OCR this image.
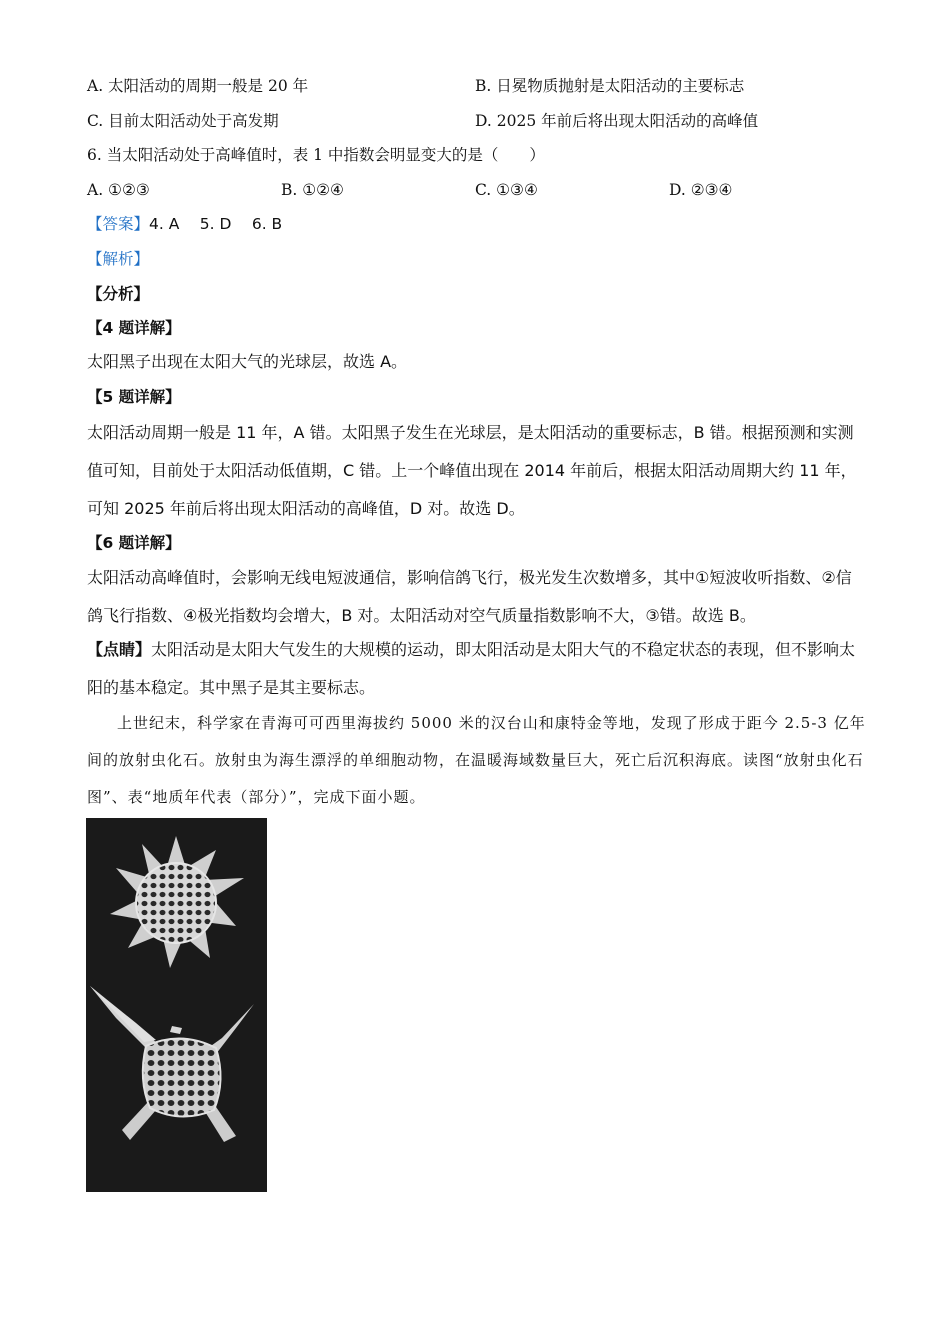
A. 太阳活动的周期一般是 20 年	B. 日冕物质抛射是太阳活动的主要标志
C. 目前太阳活动处于高发期	D. 2025 年前后将出现太阳活动的高峰值
6. 当太阳活动处于高峰值时，表 1 中指数会明显变大的是（　　）
A. ①②③	B. ①②④	C. ①③④	D. ②③④
【答案】4. A　 5. D　 6. B
【解析】
【分析】
【4 题详解】
太阳黑子出现在太阳大气的光球层，故选 A。
【5 题详解】
太阳活动周期一般是 11 年，A 错。太阳黑子发生在光球层，是太阳活动的重要标志，B 错。根据预测和实测值可知，目前处于太阳活动低值期，C 错。上一个峰值出现在 2014 年前后，根据太阳活动周期大约 11 年，可知 2025 年前后将出现太阳活动的高峰值，D 对。故选 D。
【6 题详解】
太阳活动高峰值时，会影响无线电短波通信，影响信鸽飞行，极光发生次数增多，其中①短波收听指数、②信鸽飞行指数、④极光指数均会增大，B 对。太阳活动对空气质量指数影响不大，③错。故选 B。
【点睛】太阳活动是太阳大气发生的大规模的运动，即太阳活动是太阳大气的不稳定状态的表现，但不影响太阳的基本稳定。其中黑子是其主要标志。
上世纪末，科学家在青海可可西里海拔约 5000 米的汉台山和康特金等地，发现了形成于距今 2.5-3 亿年间的放射虫化石。放射虫为海生漂浮的单细胞动物，在温暖海域数量巨大，死亡后沉积海底。读图“放射虫化石图”、表“地质年代表（部分）”，完成下面小题。
